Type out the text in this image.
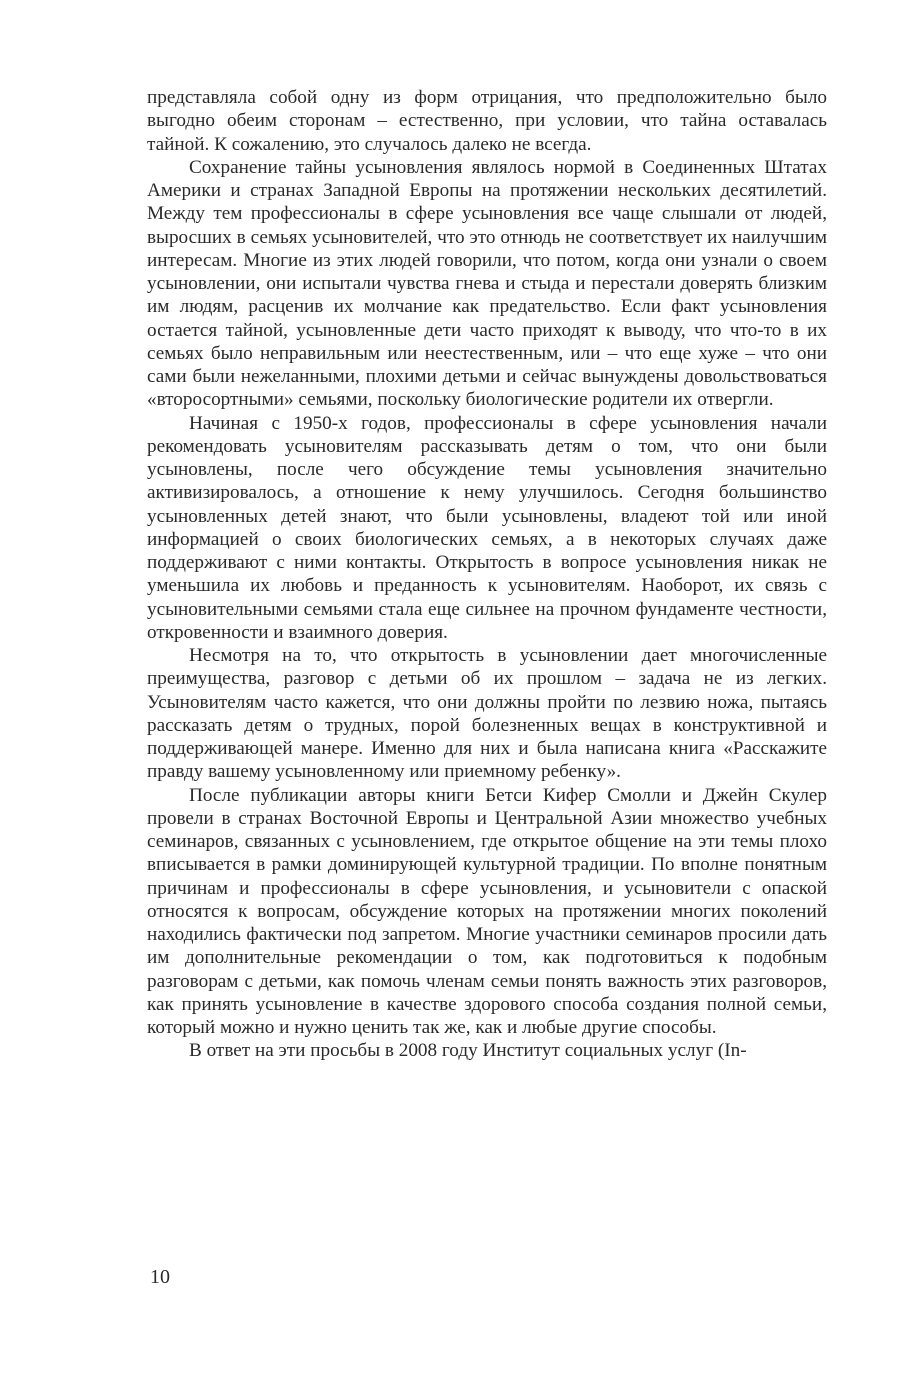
представляла собой одну из форм отрицания, что предположительно было выгодно обеим сторонам – естественно, при условии, что тайна оставалась тайной. К сожалению, это случалось далеко не всегда.

Сохранение тайны усыновления являлось нормой в Соединенных Штатах Америки и странах Западной Европы на протяжении нескольких десятилетий. Между тем профессионалы в сфере усыновления все чаще слышали от людей, выросших в семьях усыновителей, что это отнюдь не соответствует их наилучшим интересам. Многие из этих людей говорили, что потом, когда они узнали о своем усыновлении, они испытали чувства гнева и стыда и перестали доверять близким им людям, расценив их молчание как предательство. Если факт усыновления остается тайной, усыновленные дети часто приходят к выводу, что что-то в их семьях было неправильным или неестественным, или – что еще хуже – что они сами были нежеланными, плохими детьми и сейчас вынуждены довольствоваться «второсортными» семьями, поскольку биологические родители их отвергли.

Начиная с 1950-х годов, профессионалы в сфере усыновления начали рекомендовать усыновителям рассказывать детям о том, что они были усыновлены, после чего обсуждение темы усыновления значительно активизировалось, а отношение к нему улучшилось. Сегодня большинство усыновленных детей знают, что были усыновлены, владеют той или иной информацией о своих биологических семьях, а в некоторых случаях даже поддерживают с ними контакты. Открытость в вопросе усыновления никак не уменьшила их любовь и преданность к усыновителям. Наоборот, их связь с усыновительными семьями стала еще сильнее на прочном фундаменте честности, откровенности и взаимного доверия.

Несмотря на то, что открытость в усыновлении дает многочисленные преимущества, разговор с детьми об их прошлом – задача не из легких. Усыновителям часто кажется, что они должны пройти по лезвию ножа, пытаясь рассказать детям о трудных, порой болезненных вещах в конструктивной и поддерживающей манере. Именно для них и была написана книга «Расскажите правду вашему усыновленному или приемному ребенку».

После публикации авторы книги Бетси Кифер Смолли и Джейн Скулер провели в странах Восточной Европы и Центральной Азии множество учебных семинаров, связанных с усыновлением, где открытое общение на эти темы плохо вписывается в рамки доминирующей культурной традиции. По вполне понятным причинам и профессионалы в сфере усыновления, и усыновители с опаской относятся к вопросам, обсуждение которых на протяжении многих поколений находились фактически под запретом. Многие участники семинаров просили дать им дополнительные рекомендации о том, как подготовиться к подобным разговорам с детьми, как помочь членам семьи понять важность этих разговоров, как принять усыновление в качестве здорового способа создания полной семьи, который можно и нужно ценить так же, как и любые другие способы.

В ответ на эти просьбы в 2008 году Институт социальных услуг (In-

10
